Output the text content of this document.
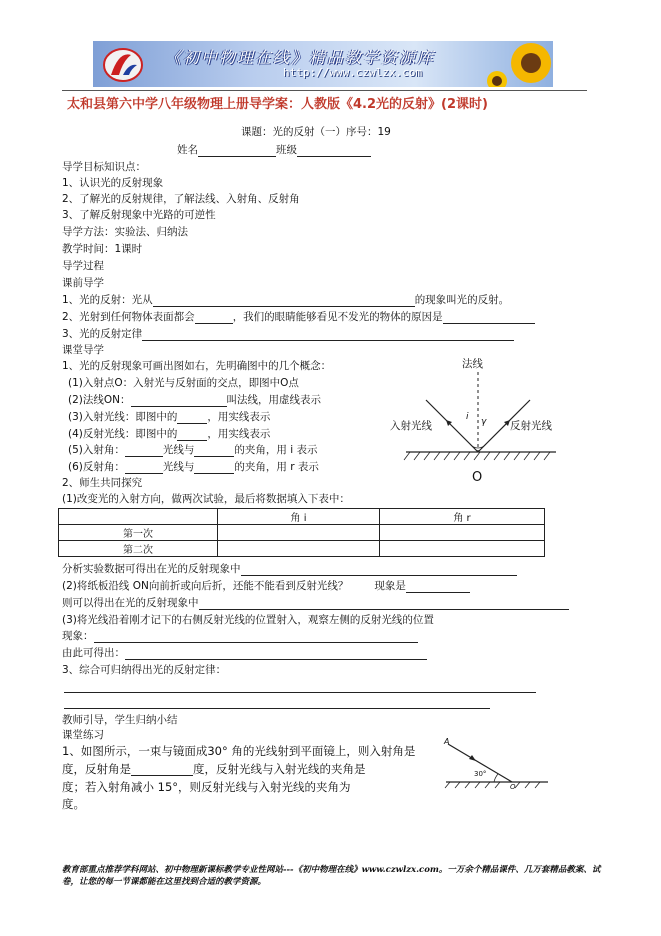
《初中物理在线》精品教学资源库
http://www.czwlzx.com
太和县第六中学八年级物理上册导学案：人教版《4.2光的反射》(2课时)
课题：光的反射（一）序号：19
姓名	班级
导学目标知识点：
1、认识光的反射现象
2、了解光的反射规律，了解法线、入射角、反射角
3、了解反射现象中光路的可逆性
导学方法：实验法、归纳法
教学时间：1课时
导学过程
课前导学
1、光的反射：光从	的现象叫光的反射。
2、光射到任何物体表面都会	，我们的眼睛能够看见不发光的物体的原因是
3、光的反射定律
课堂导学
1、光的反射现象可画出图如右，先明确图中的几个概念：
(1)入射点O：入射光与反射面的交点，即图中O点
(2)法线ON：	叫法线，用虚线表示
(3)入射光线：即图中的	，用实线表示
(4)反射光线：即图中的	，用实线表示
(5)入射角：	光线与	的夹角，用 i 表示
(6)反射角：	光线与	的夹角，用 r 表示
法线
入射光线	反射光线
i γ
O
2、师生共同探究
(1)改变光的入射方向，做两次试验，最后将数据填入下表中：
	角 i	角 r
第一次		
第二次		
分析实验数据可得出在光的反射现象中
(2)将纸板沿线 ON向前折或向后折，还能不能看到反射光线？ 现象是
则可以得出在光的反射现象中
(3)将光线沿着刚才记下的右侧反射光线的位置射入，观察左侧的反射光线的位置
现象：
由此可得出：
3、综合可归纳得出光的反射定律：
教师引导，学生归纳小结
课堂练习
1、如图所示，一束与镜面成30° 角的光线射到平面镜上，则入射角是
度，反射角是	度，反射光线与入射光线的夹角是
度；若入射角减小 15°，则反射光线与入射光线的夹角为
度。
A
30°
O
教育部重点推荐学科网站、初中物理新课标教学专业性网站---《初中物理在线》www.czwlzx.com。一万余个精品课件、几万套精品教案、试卷，让您的每一节课都能在这里找到合适的教学资源。
